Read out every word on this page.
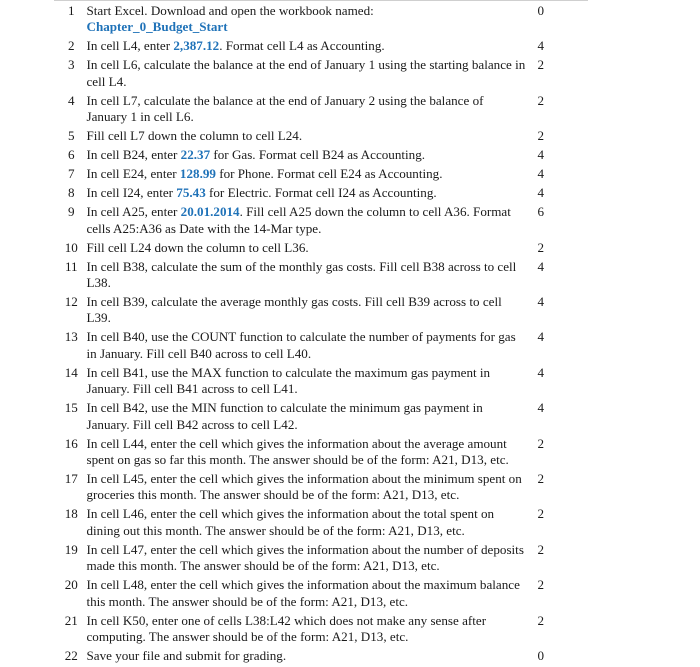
1	Start Excel. Download and open the workbook named:
Chapter_0_Budget_Start	0
2	In cell L4, enter 2,387.12. Format cell L4 as Accounting.	4
3	In cell L6, calculate the balance at the end of January 1 using the starting balance in cell L4.	2
4	In cell L7, calculate the balance at the end of January 2 using the balance of January 1 in cell L6.	2
5	Fill cell L7 down the column to cell L24.	2
6	In cell B24, enter 22.37 for Gas. Format cell B24 as Accounting.	4
7	In cell E24, enter 128.99 for Phone. Format cell E24 as Accounting.	4
8	In cell I24, enter 75.43 for Electric. Format cell I24 as Accounting.	4
9	In cell A25, enter 20.01.2014. Fill cell A25 down the column to cell A36. Format cells A25:A36 as Date with the 14-Mar type.	6
10	Fill cell L24 down the column to cell L36.	2
11	In cell B38, calculate the sum of the monthly gas costs. Fill cell B38 across to cell L38.	4
12	In cell B39, calculate the average monthly gas costs. Fill cell B39 across to cell L39.	4
13	In cell B40, use the COUNT function to calculate the number of payments for gas in January. Fill cell B40 across to cell L40.	4
14	In cell B41, use the MAX function to calculate the maximum gas payment in January. Fill cell B41 across to cell L41.	4
15	In cell B42, use the MIN function to calculate the minimum gas payment in January. Fill cell B42 across to cell L42.	4
16	In cell L44, enter the cell which gives the information about the average amount spent on gas so far this month. The answer should be of the form: A21, D13, etc.	2
17	In cell L45, enter the cell which gives the information about the minimum spent on groceries this month. The answer should be of the form: A21, D13, etc.	2
18	In cell L46, enter the cell which gives the information about the total spent on dining out this month. The answer should be of the form: A21, D13, etc.	2
19	In cell L47, enter the cell which gives the information about the number of deposits made this month. The answer should be of the form: A21, D13, etc.	2
20	In cell L48, enter the cell which gives the information about the maximum balance this month. The answer should be of the form: A21, D13, etc.	2
21	In cell K50, enter one of cells L38:L42 which does not make any sense after computing. The answer should be of the form: A21, D13, etc.	2
22	Save your file and submit for grading.	0
